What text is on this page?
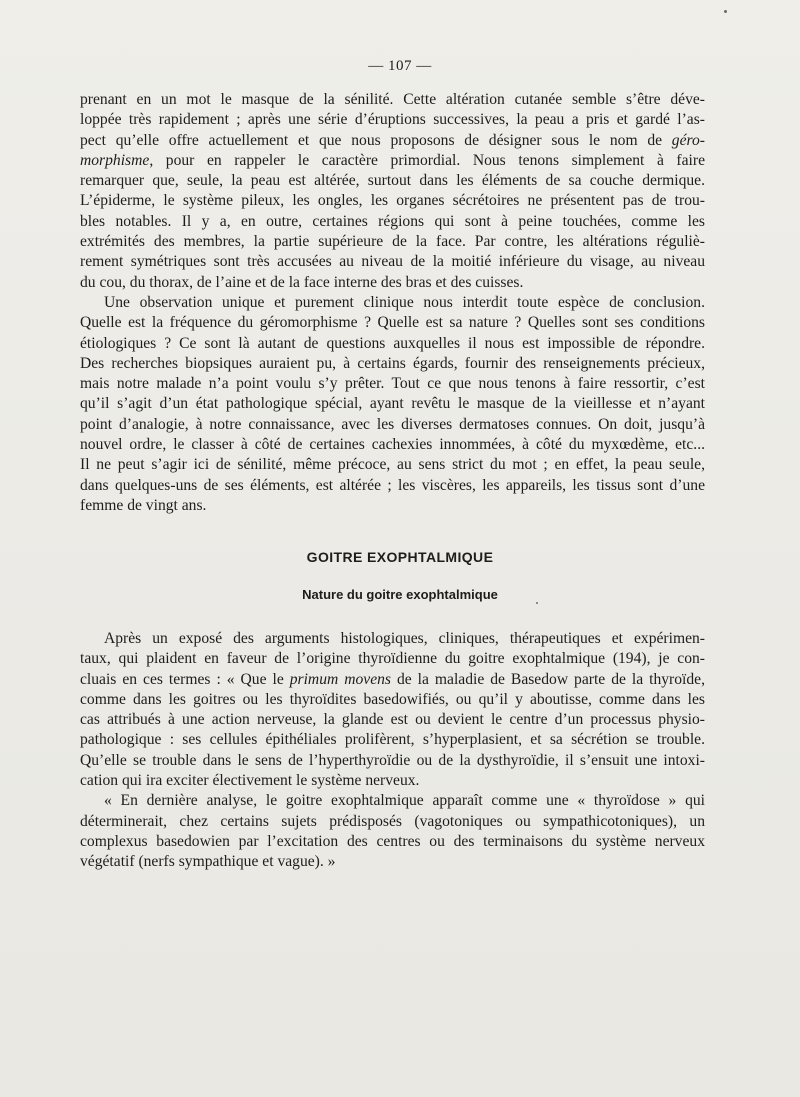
— 107 —
prenant en un mot le masque de la sénilité. Cette altération cutanée semble s’être déve-
loppée très rapidement ; après une série d’éruptions successives, la peau a pris et gardé l’as-
pect qu’elle offre actuellement et que nous proposons de désigner sous le nom de géro-
morphisme, pour en rappeler le caractère primordial. Nous tenons simplement à faire
remarquer que, seule, la peau est altérée, surtout dans les éléments de sa couche dermique.
L’épiderme, le système pileux, les ongles, les organes sécrétoires ne présentent pas de trou-
bles notables. Il y a, en outre, certaines régions qui sont à peine touchées, comme les
extrémités des membres, la partie supérieure de la face. Par contre, les altérations réguliè-
rement symétriques sont très accusées au niveau de la moitié inférieure du visage, au niveau
du cou, du thorax, de l’aine et de la face interne des bras et des cuisses.
Une observation unique et purement clinique nous interdit toute espèce de conclusion.
Quelle est la fréquence du géromorphisme ? Quelle est sa nature ? Quelles sont ses conditions
étiologiques ? Ce sont là autant de questions auxquelles il nous est impossible de répondre.
Des recherches biopsiques auraient pu, à certains égards, fournir des renseignements précieux,
mais notre malade n’a point voulu s’y prêter. Tout ce que nous tenons à faire ressortir, c’est
qu’il s’agit d’un état pathologique spécial, ayant revêtu le masque de la vieillesse et n’ayant
point d’analogie, à notre connaissance, avec les diverses dermatoses connues. On doit, jusqu’à
nouvel ordre, le classer à côté de certaines cachexies innommées, à côté du myxœdème, etc...
Il ne peut s’agir ici de sénilité, même précoce, au sens strict du mot ; en effet, la peau seule,
dans quelques-uns de ses éléments, est altérée ; les viscères, les appareils, les tissus sont d’une
femme de vingt ans.
GOITRE EXOPHTALMIQUE
Nature du goitre exophtalmique
Après un exposé des arguments histologiques, cliniques, thérapeutiques et expérimen-
taux, qui plaident en faveur de l’origine thyroïdienne du goitre exophtalmique (194), je con-
cluais en ces termes : « Que le primum movens de la maladie de Basedow parte de la thyroïde,
comme dans les goitres ou les thyroïdites basedowifiés, ou qu’il y aboutisse, comme dans les
cas attribués à une action nerveuse, la glande est ou devient le centre d’un processus physio-
pathologique : ses cellules épithéliales prolifèrent, s’hyperplasient, et sa sécrétion se trouble.
Qu’elle se trouble dans le sens de l’hyperthyroïdie ou de la dysthyroïdie, il s’ensuit une intoxi-
cation qui ira exciter électivement le système nerveux.
« En dernière analyse, le goitre exophtalmique apparaît comme une « thyroïdose » qui
déterminerait, chez certains sujets prédisposés (vagotoniques ou sympathicotoniques), un
complexus basedowien par l’excitation des centres ou des terminaisons du système nerveux
végétatif (nerfs sympathique et vague). »
